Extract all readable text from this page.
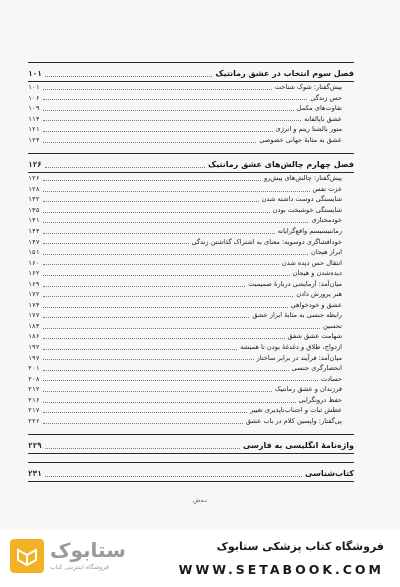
فصل سوم انتخاب در عشق رمانتیک
۱۰۱
پیش‌گفتار: شوک شناخت
۱۰۱
حس زندگی
۱۰۶
تفاوت‌های مکمل
۱۰۹
عشق ناپالفاته
۱۱۴
متور بالشتا ریتم و انرژی
۱۲۱
عشق به مثابهٔ جهانی خصوصی
۱۲۴
فصل چهارم چالش‌های عشق رمانتیک
۱۲۶
پیش‌گفتار: چالش‌های پیش‌رو
۱۲۶
عزت نفس
۱۲۸
شایستگی دوست داشته شدن
۱۳۲
شایستگی خوشبخت بودن
۱۳۵
خودمختاری
۱۴۱
رمانتیسیسم واقع‌گرایانه
۱۴۴
خودافشاگری دوسویه: معنای به اشتراک گذاشتن زندگی
۱۴۷
ابراز هیجان
۱۵۱
انتقال حس دیده شدن
۱۶۰
دیده‌شدن و هیجان
۱۶۲
میان‌آمد: آزمایشی دربارهٔ صمیمیت
۱۶۹
هنر پرورش دادن
۱۷۲
عشق و خودخواهی
۱۷۴
رابطه جنسی به مثابهٔ ابراز عشق
۱۷۷
تحسین
۱۸۳
شهامت عشق شفق
۱۸۶
ازدواج، طلاق و دغدغهٔ بودن تا همیشه
۱۹۲
میان‌آمد: فرآیند در برابر ساختار
۱۹۷
انحصارگری جنسی
۲۰۱
حسادت
۲۰۸
فرزندان و عشق رمانتیک
۲۱۲
حفظ درونگرایی
۲۱۶
عطش ثبات و اجتناب‌ناپذیری تغییر
۲۱۷
پی‌گفتار: واپسین کلام در باب عشق
۲۲۶
واژه‌نامهٔ انگلیسی به فارسی
۲۲۹
کتاب‌شناسی
۲۳۱
نـه‌ش
ستابوک
فروشگاه اینترنتی کتاب
فروشگاه کتاب پزشکی ستابوک
WWW.SETABOOK.COM
